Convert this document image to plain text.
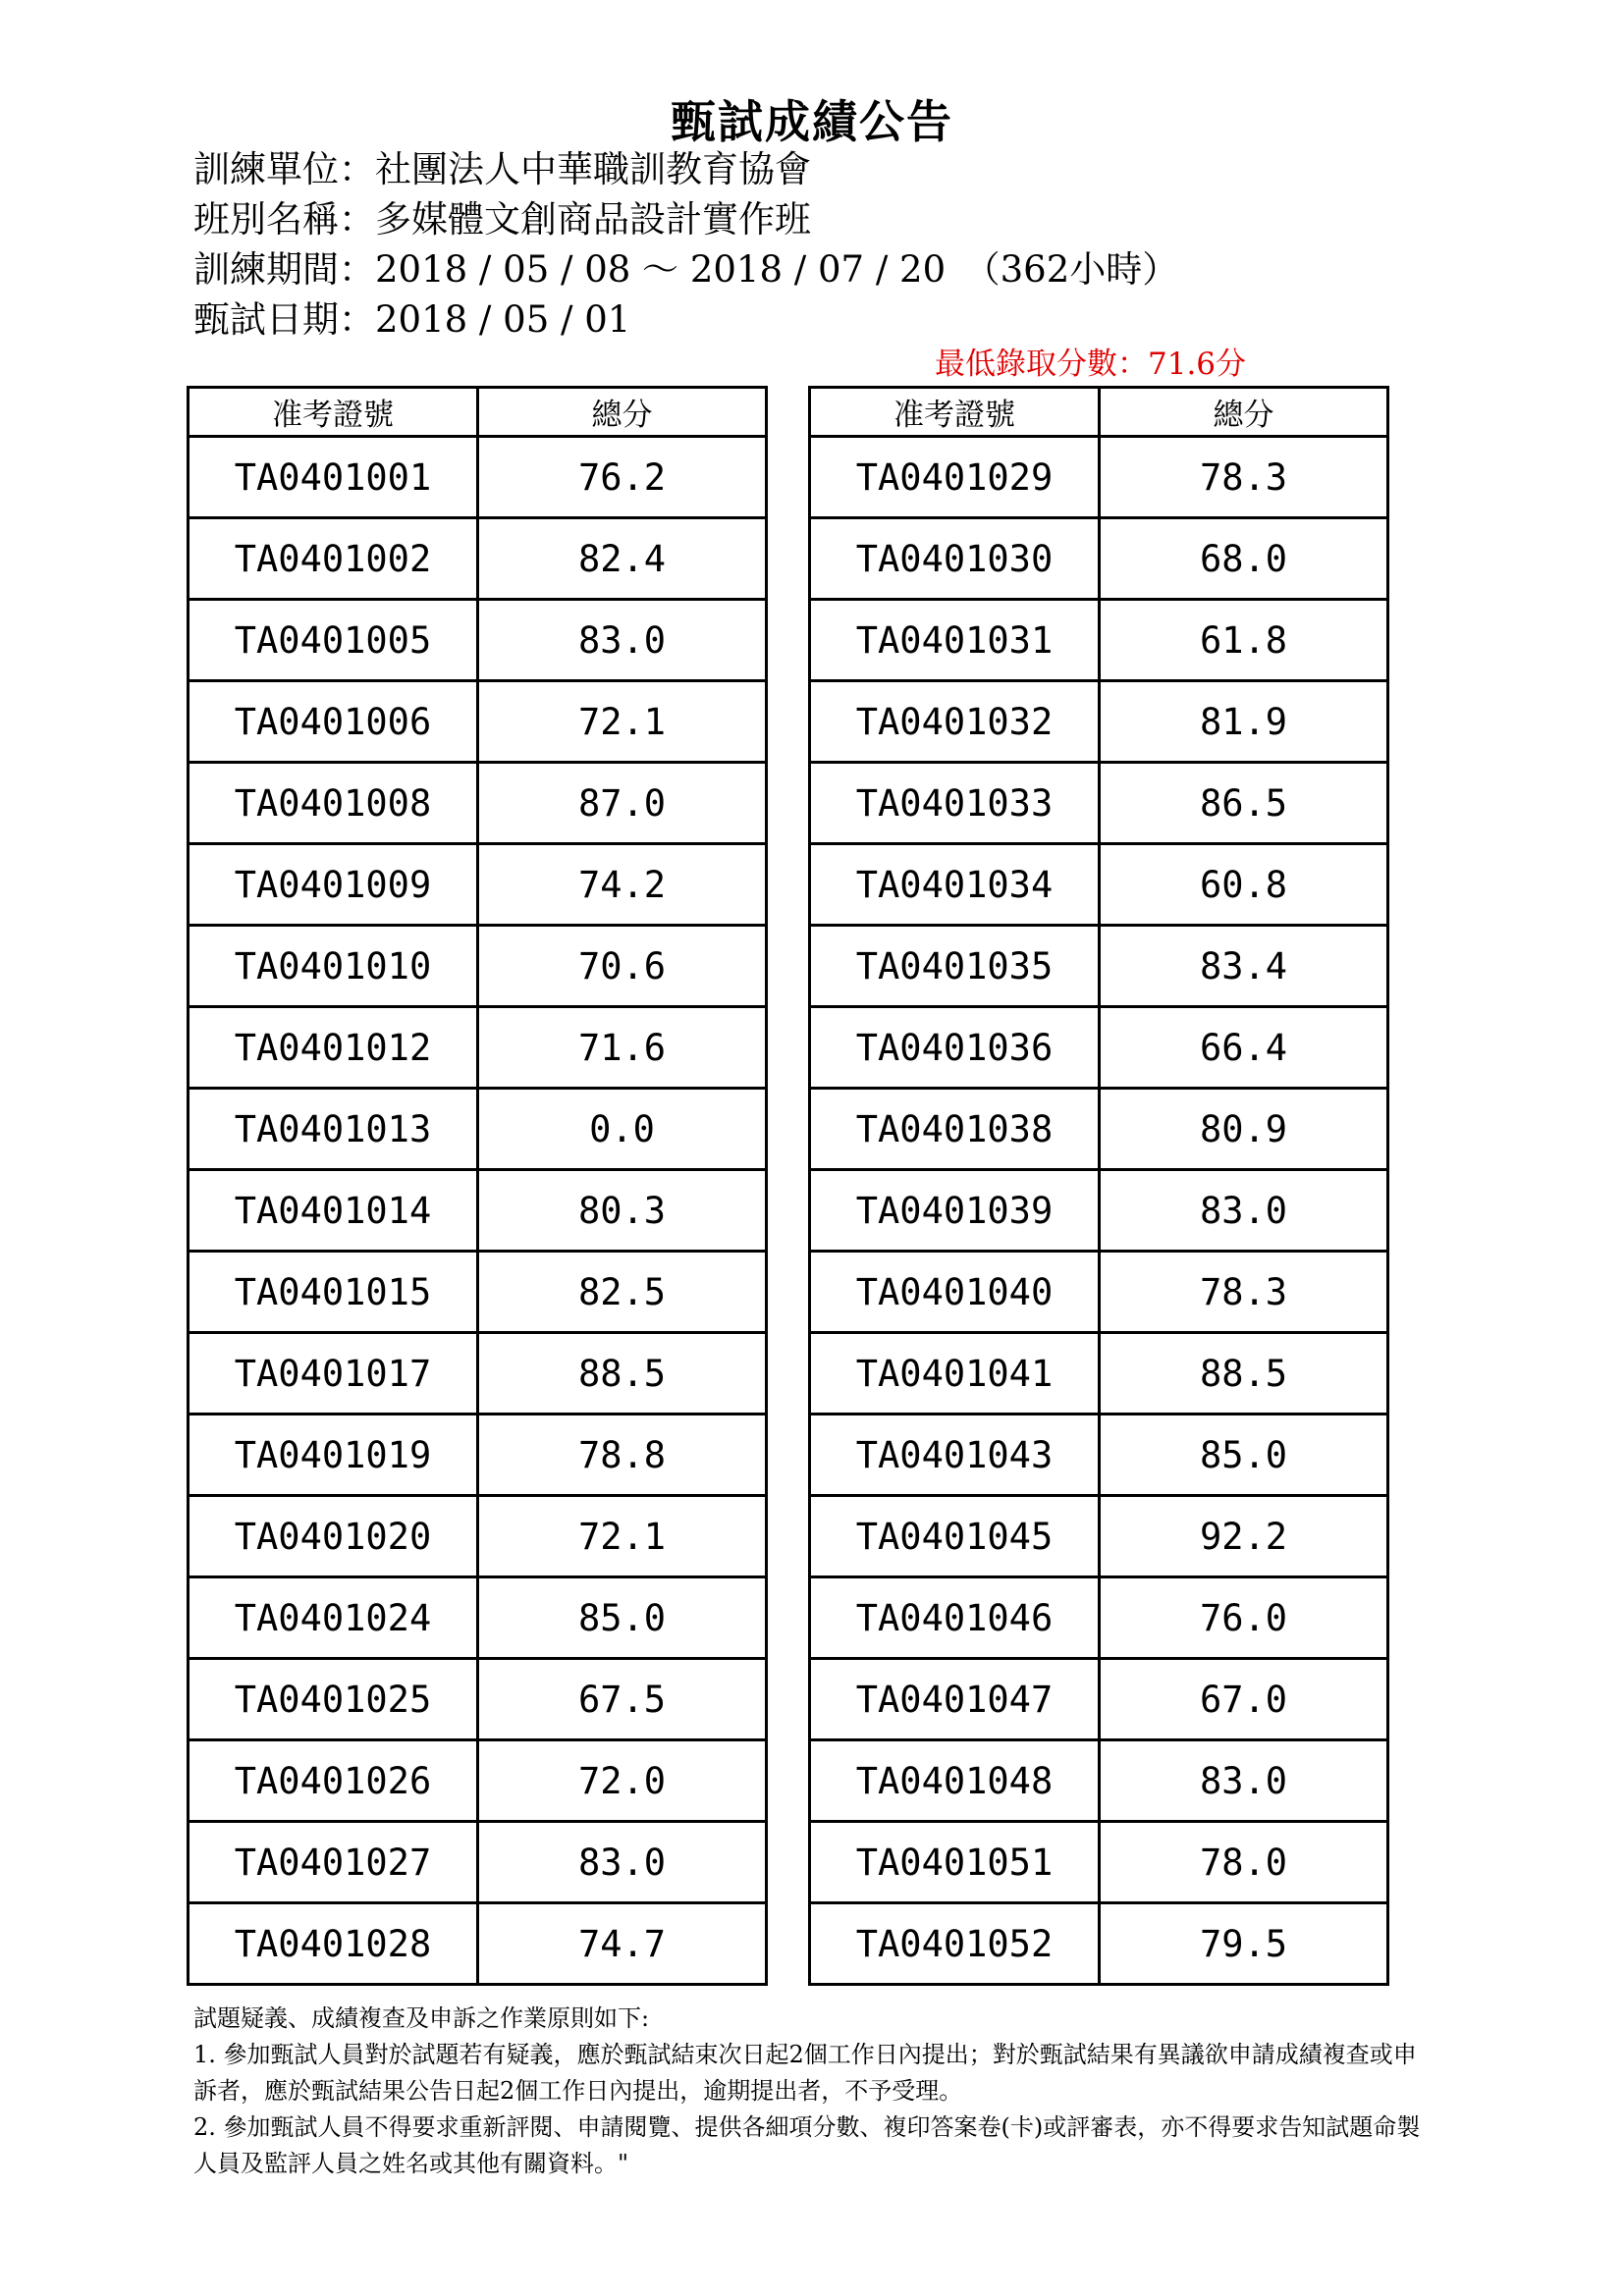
甄試成績公告
訓練單位：社團法人中華職訓教育協會
班別名稱：多媒體文創商品設計實作班
訓練期間：2018 / 05 / 08 ～ 2018 / 07 / 20　（362小時）
甄試日期：2018 / 05 / 01
最低錄取分數：71.6分
准考證號	總分
TA0401001	76.2
TA0401002	82.4
TA0401005	83.0
TA0401006	72.1
TA0401008	87.0
TA0401009	74.2
TA0401010	70.6
TA0401012	71.6
TA0401013	0.0
TA0401014	80.3
TA0401015	82.5
TA0401017	88.5
TA0401019	78.8
TA0401020	72.1
TA0401024	85.0
TA0401025	67.5
TA0401026	72.0
TA0401027	83.0
TA0401028	74.7
准考證號	總分
TA0401029	78.3
TA0401030	68.0
TA0401031	61.8
TA0401032	81.9
TA0401033	86.5
TA0401034	60.8
TA0401035	83.4
TA0401036	66.4
TA0401038	80.9
TA0401039	83.0
TA0401040	78.3
TA0401041	88.5
TA0401043	85.0
TA0401045	92.2
TA0401046	76.0
TA0401047	67.0
TA0401048	83.0
TA0401051	78.0
TA0401052	79.5

試題疑義、成績複查及申訴之作業原則如下:

1. 參加甄試人員對於試題若有疑義，應於甄試結束次日起2個工作日內提出；對於甄試結果有異議欲申請成績複查或申訴者，應於甄試結果公告日起2個工作日內提出，逾期提出者，不予受理。

2. 參加甄試人員不得要求重新評閱、申請閱覽、提供各細項分數、複印答案卷(卡)或評審表，亦不得要求告知試題命製人員及監評人員之姓名或其他有關資料。"
